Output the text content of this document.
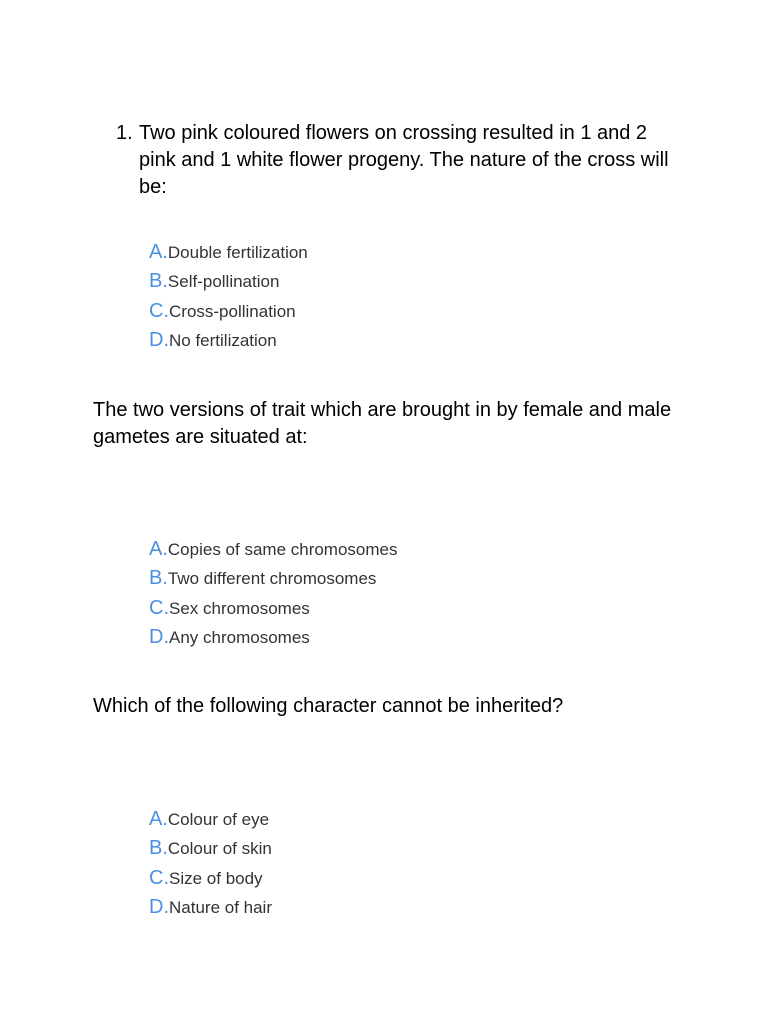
1. Two pink coloured flowers on crossing resulted in 1 and 2 pink and 1 white flower progeny. The nature of the cross will be:
A. Double fertilization
B. Self-pollination
C. Cross-pollination
D. No fertilization

The two versions of trait which are brought in by female and male gametes are situated at:

A. Copies of same chromosomes
B. Two different chromosomes
C. Sex chromosomes
D. Any chromosomes

Which of the following character cannot be inherited?

A. Colour of eye
B. Colour of skin
C. Size of body
D. Nature of hair
